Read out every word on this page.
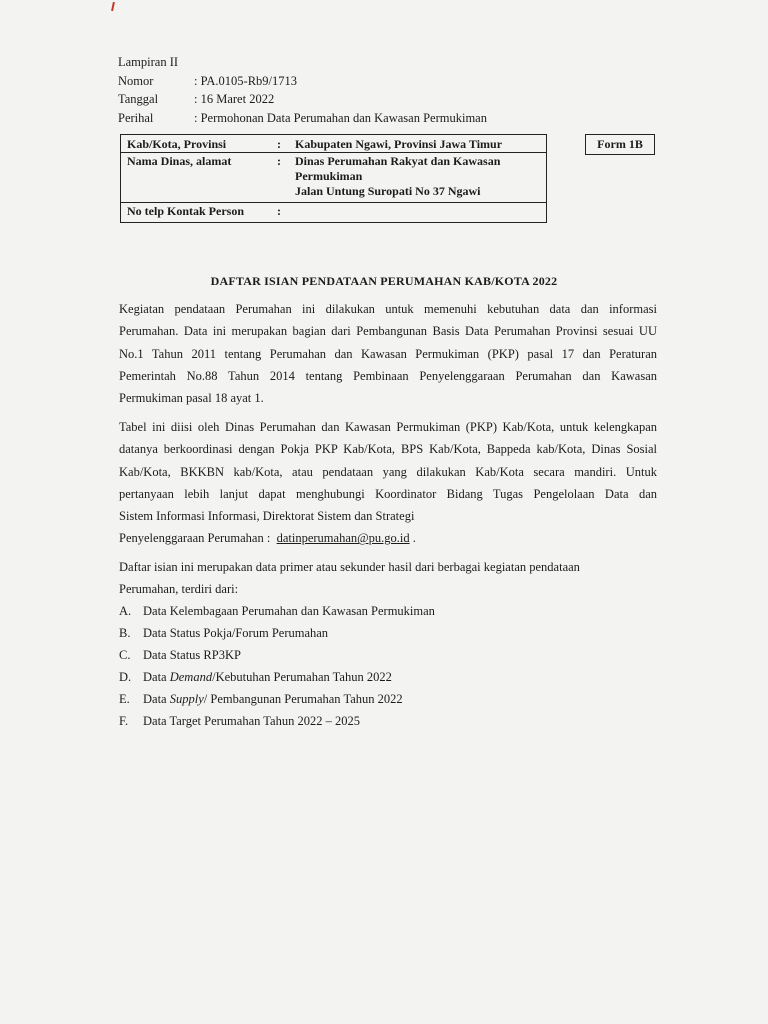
Lampiran II
Nomor	: PA.0105-Rb9/1713
Tanggal	: 16 Maret 2022
Perihal	: Permohonan Data Perumahan dan Kawasan Permukiman
Kab/Kota, Provinsi	:	Kabupaten Ngawi, Provinsi Jawa Timur
Nama Dinas, alamat	:	Dinas Perumahan Rakyat dan Kawasan
Permukiman
Jalan Untung Suropati No 37 Ngawi
No telp Kontak Person	:
Form 1B
DAFTAR ISIAN PENDATAAN PERUMAHAN KAB/KOTA 2022
Kegiatan pendataan Perumahan ini dilakukan untuk memenuhi kebutuhan data dan informasi
Perumahan. Data ini merupakan bagian dari Pembangunan Basis Data Perumahan Provinsi sesuai UU
No.1 Tahun 2011 tentang Perumahan dan Kawasan Permukiman (PKP) pasal 17 dan Peraturan
Pemerintah No.88 Tahun 2014 tentang Pembinaan Penyelenggaraan Perumahan dan Kawasan
Permukiman pasal 18 ayat 1.
Tabel ini diisi oleh Dinas Perumahan dan Kawasan Permukiman (PKP) Kab/Kota, untuk kelengkapan
datanya berkoordinasi dengan Pokja PKP Kab/Kota, BPS Kab/Kota, Bappeda kab/Kota, Dinas Sosial
Kab/Kota, BKKBN kab/Kota, atau pendataan yang dilakukan Kab/Kota secara mandiri. Untuk
pertanyaan lebih lanjut dapat menghubungi Koordinator Bidang Tugas Pengelolaan Data dan
Sistem Informasi Informasi, Direktorat Sistem dan Strategi
Penyelenggaraan Perumahan : datinperumahan@pu.go.id .
Daftar isian ini merupakan data primer atau sekunder hasil dari berbagai kegiatan pendataan
Perumahan, terdiri dari:
A. Data Kelembagaan Perumahan dan Kawasan Permukiman
B.	Data Status Pokja/Forum Perumahan
C.	Data Status RP3KP
D. Data Demand/Kebutuhan Perumahan Tahun 2022
E.	Data Supply/ Pembangunan Perumahan Tahun 2022
F.	Data Target Perumahan Tahun 2022 – 2025
